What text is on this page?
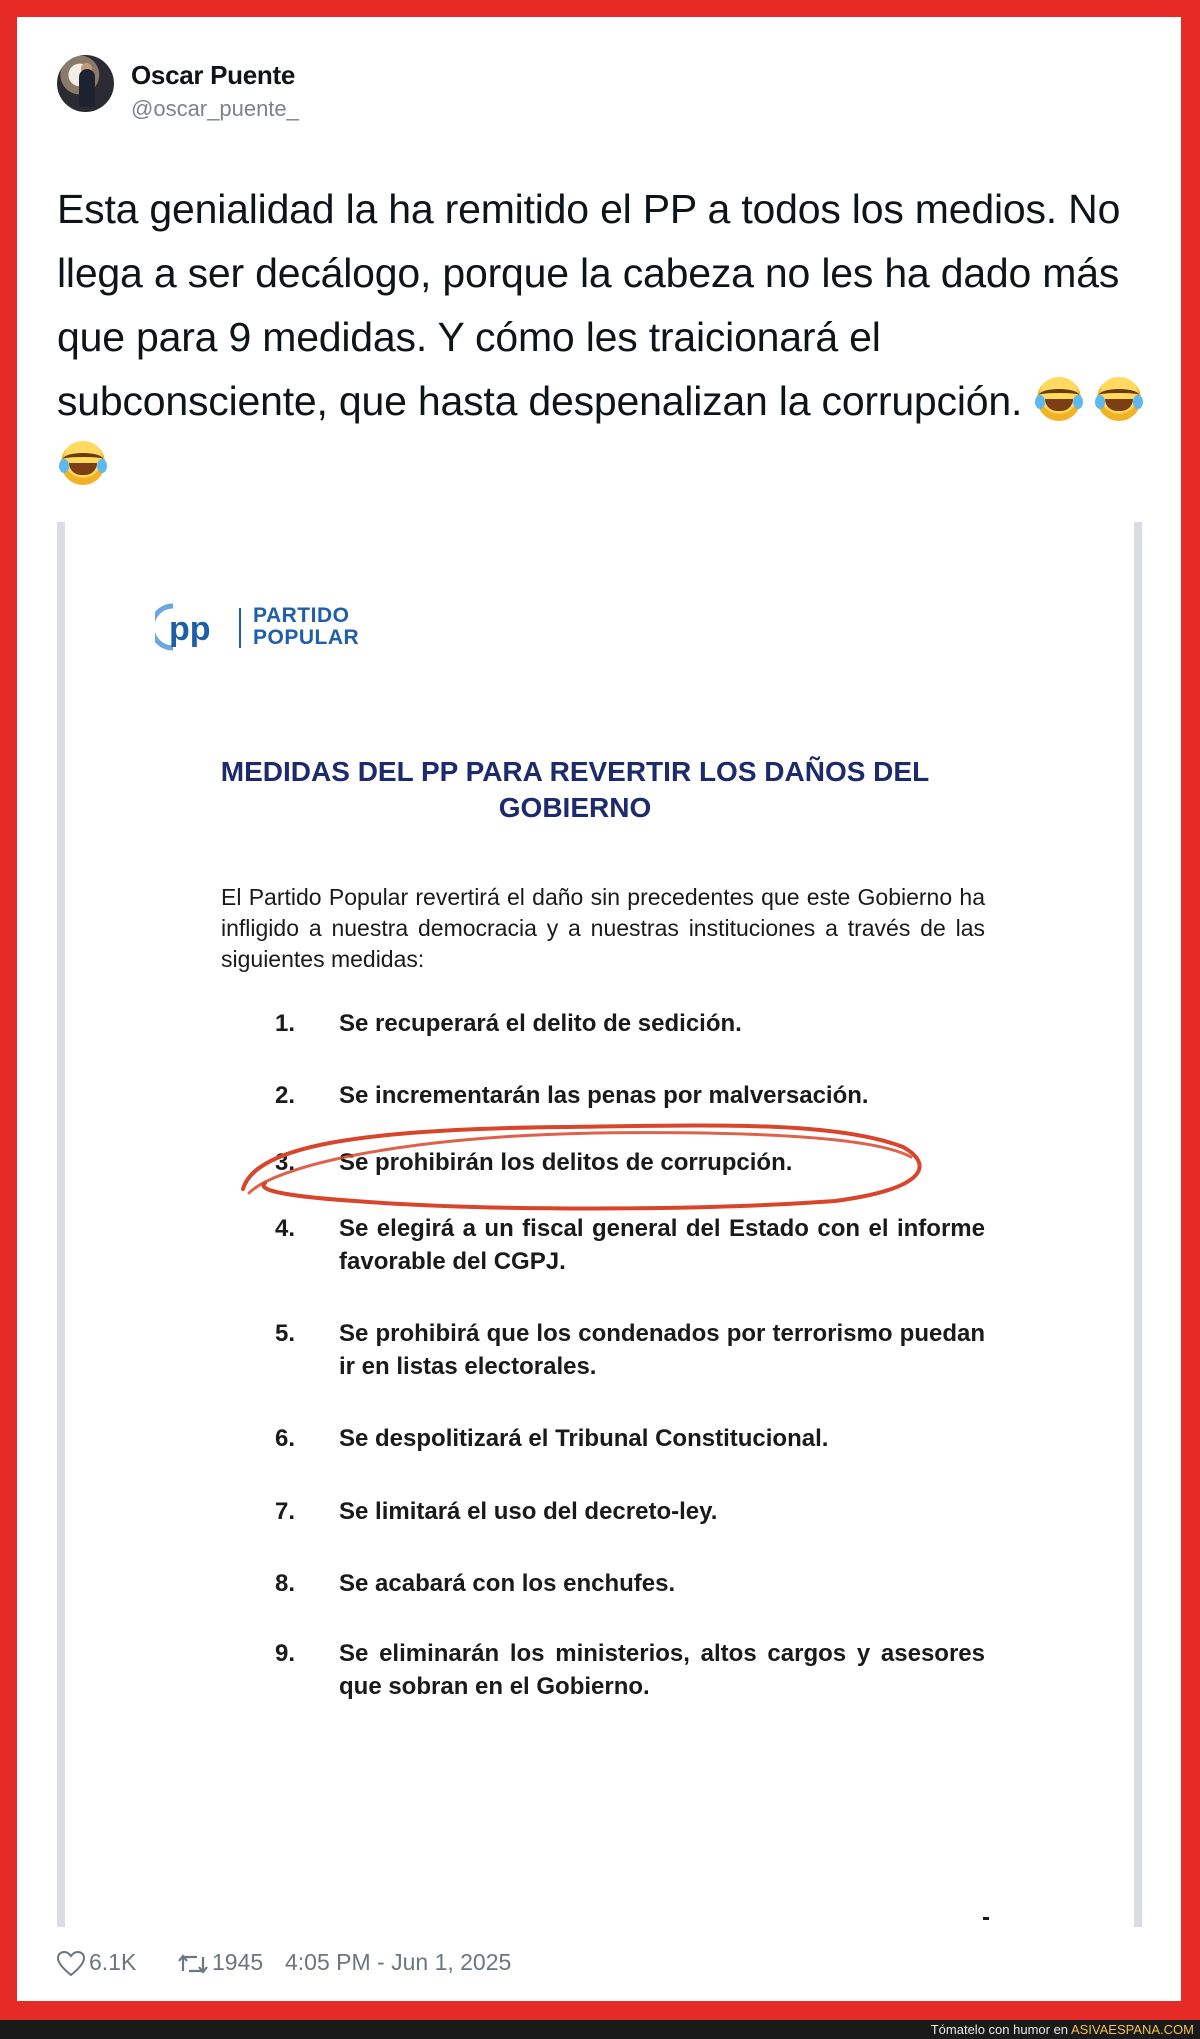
Oscar Puente
@oscar_puente_
Esta genialidad la ha remitido el PP a todos los medios. No llega a ser decálogo, porque la cabeza no les ha dado más que para 9 medidas. Y cómo les traicionará el subconsciente, que hasta despenalizan la corrupción.

pp PARTIDO
POPULAR
MEDIDAS DEL PP PARA REVERTIR LOS DAÑOS DEL GOBIERNO
El Partido Popular revertirá el daño sin precedentes que este Gobierno ha infligido a nuestra democracia y a nuestras instituciones a través de las siguientes medidas:
1.	Se recuperará el delito de sedición.
2.	Se incrementarán las penas por malversación.
3.	Se prohibirán los delitos de corrupción.
4.	Se elegirá a un fiscal general del Estado con el informe favorable del CGPJ.
5.	Se prohibirá que los condenados por terrorismo puedan ir en listas electorales.
6.	Se despolitizará el Tribunal Constitucional.
7.	Se limitará el uso del decreto-ley.
8.	Se acabará con los enchufes.
9.	Se eliminarán los ministerios, altos cargos y asesores que sobran en el Gobierno.
6.1K	1945 4:05 PM - Jun 1, 2025
Tómatelo con humor en ASIVAESPANA.COM
